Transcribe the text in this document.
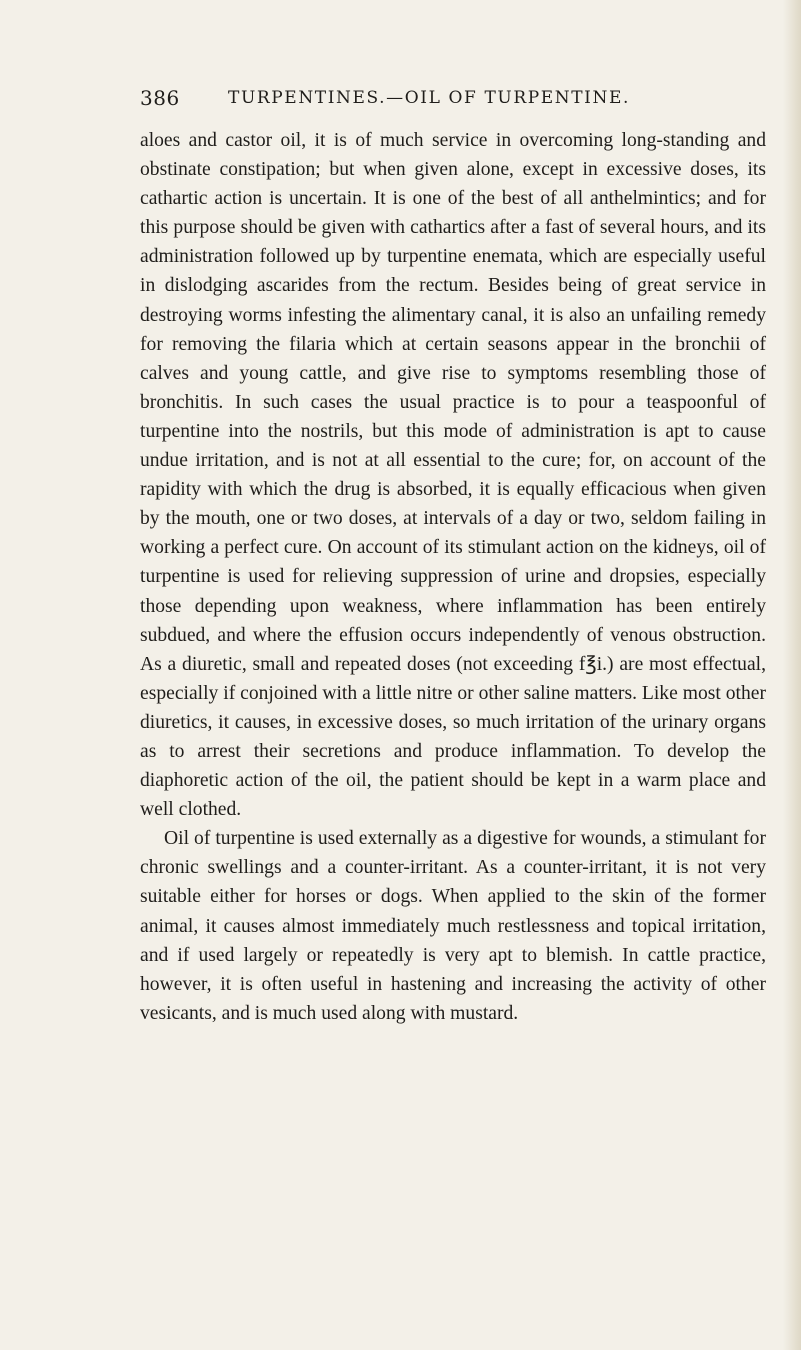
386	TURPENTINES.—OIL OF TURPENTINE.

aloes and castor oil, it is of much service in overcoming long-standing and obstinate constipation; but when given alone, except in excessive doses, its cathartic action is uncertain. It is one of the best of all anthelmintics; and for this purpose should be given with cathartics after a fast of several hours, and its administration followed up by turpentine enemata, which are especially useful in dislodging ascarides from the rectum. Besides being of great service in destroying worms infesting the alimentary canal, it is also an unfailing remedy for removing the filaria which at certain seasons appear in the bronchii of calves and young cattle, and give rise to symptoms resembling those of bronchitis. In such cases the usual practice is to pour a teaspoonful of turpentine into the nostrils, but this mode of administration is apt to cause undue irritation, and is not at all essential to the cure; for, on account of the rapidity with which the drug is absorbed, it is equally efficacious when given by the mouth, one or two doses, at intervals of a day or two, seldom failing in working a perfect cure. On account of its stimulant action on the kidneys, oil of turpentine is used for relieving suppression of urine and dropsies, especially those depending upon weakness, where inflammation has been entirely subdued, and where the effusion occurs independently of venous obstruction. As a diuretic, small and repeated doses (not exceeding f℥i.) are most effectual, especially if conjoined with a little nitre or other saline matters. Like most other diuretics, it causes, in excessive doses, so much irritation of the urinary organs as to arrest their secretions and produce inflammation. To develop the diaphoretic action of the oil, the patient should be kept in a warm place and well clothed.

Oil of turpentine is used externally as a digestive for wounds, a stimulant for chronic swellings and a counter-irritant. As a counter-irritant, it is not very suitable either for horses or dogs. When applied to the skin of the former animal, it causes almost immediately much restlessness and topical irritation, and if used largely or repeatedly is very apt to blemish. In cattle practice, however, it is often useful in hastening and increasing the activity of other vesicants, and is much used along with mustard.
